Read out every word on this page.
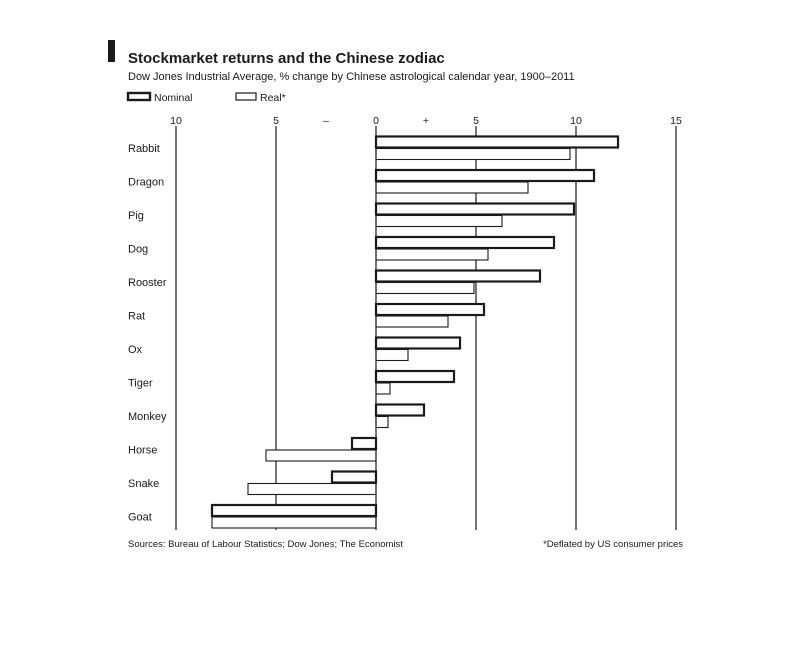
Stockmarket returns and the Chinese zodiac
Dow Jones Industrial Average, % change by Chinese astrological calendar year, 1900–2011
Nominal	Real*
10	5	–	0	+	5	10	15
Rabbit
Dragon
Pig
Dog
Rooster
Rat
Ox
Tiger
Monkey
Horse
Snake
Goat
Sources: Bureau of Labour Statistics; Dow Jones; The Economist	*Deflated by US consumer prices
